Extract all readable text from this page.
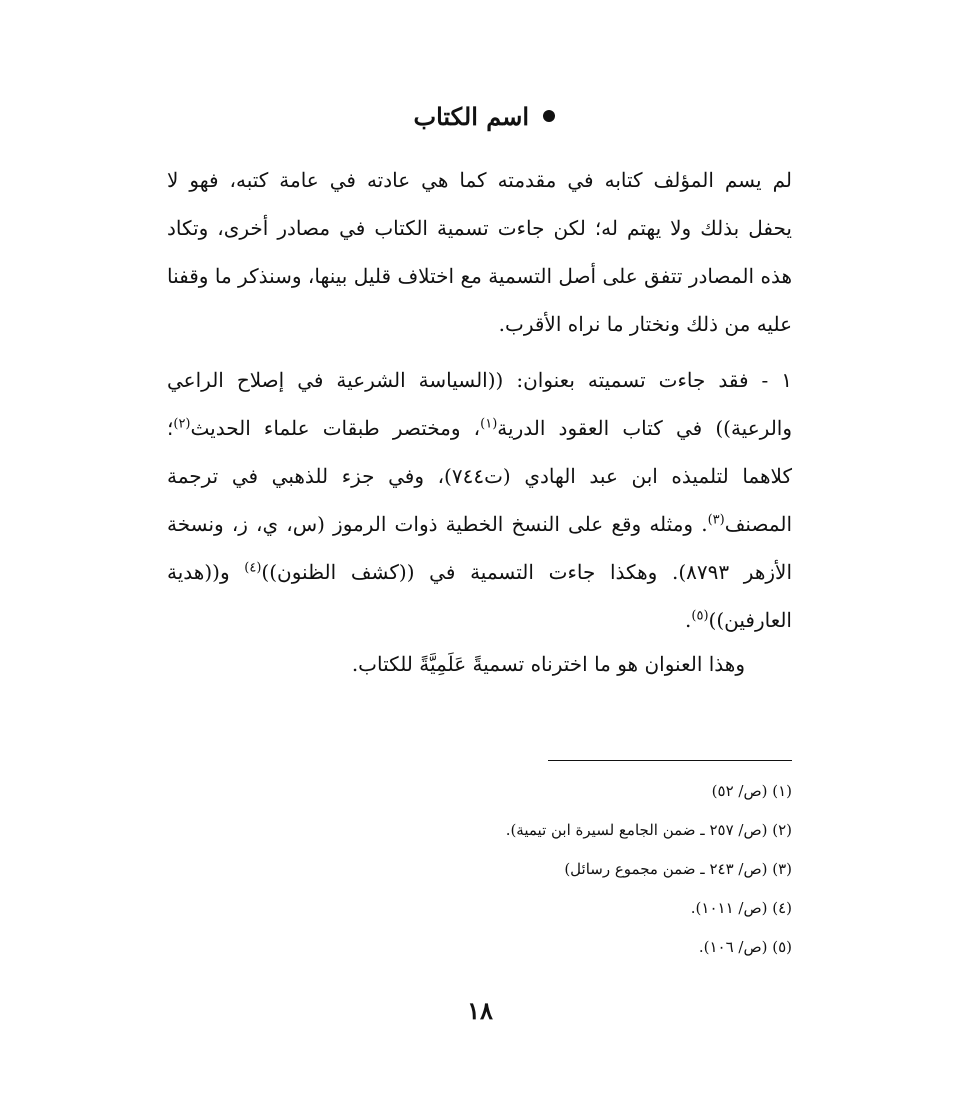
اسم الكتاب
لم يسم المؤلف كتابه في مقدمته كما هي عادته في عامة كتبه، فهو لا
يحفل بذلك ولا يهتم له؛ لكن جاءت تسمية الكتاب في مصادر أخرى، وتكاد
هذه المصادر تتفق على أصل التسمية مع اختلاف قليل بينها، وسنذكر ما وقفنا
عليه من ذلك ونختار ما نراه الأقرب.
١ - فقد جاءت تسميته بعنوان: ((السياسة الشرعية في إصلاح الراعي
والرعية)) في كتاب العقود الدرية$^{(١)}$، ومختصر طبقات علماء الحديث$^{(٢)}$؛
كلاهما لتلميذه ابن عبد الهادي (ت٧٤٤)، وفي جزء للذهبي في ترجمة
المصنف$^{(٣)}$. ومثله وقع على النسخ الخطية ذوات الرموز (س، ي، ز، ونسخة
الأزهر ٨٧٩٣). وهكذا جاءت التسمية في ((كشف الظنون))$^{(٤)}$ و((هدية
العارفين))$^{(٥)}$.
وهذا العنوان هو ما اخترناه تسميةً عَلَمِيَّةً للكتاب.
(١) (ص/ ٥٢)
(٢) (ص/ ٢٥٧ ـ ضمن الجامع لسيرة ابن تيمية).
(٣) (ص/ ٢٤٣ ـ ضمن مجموع رسائل)
(٤) (ص/ ١٠١١).
(٥) (ص/ ١٠٦).
١٨
